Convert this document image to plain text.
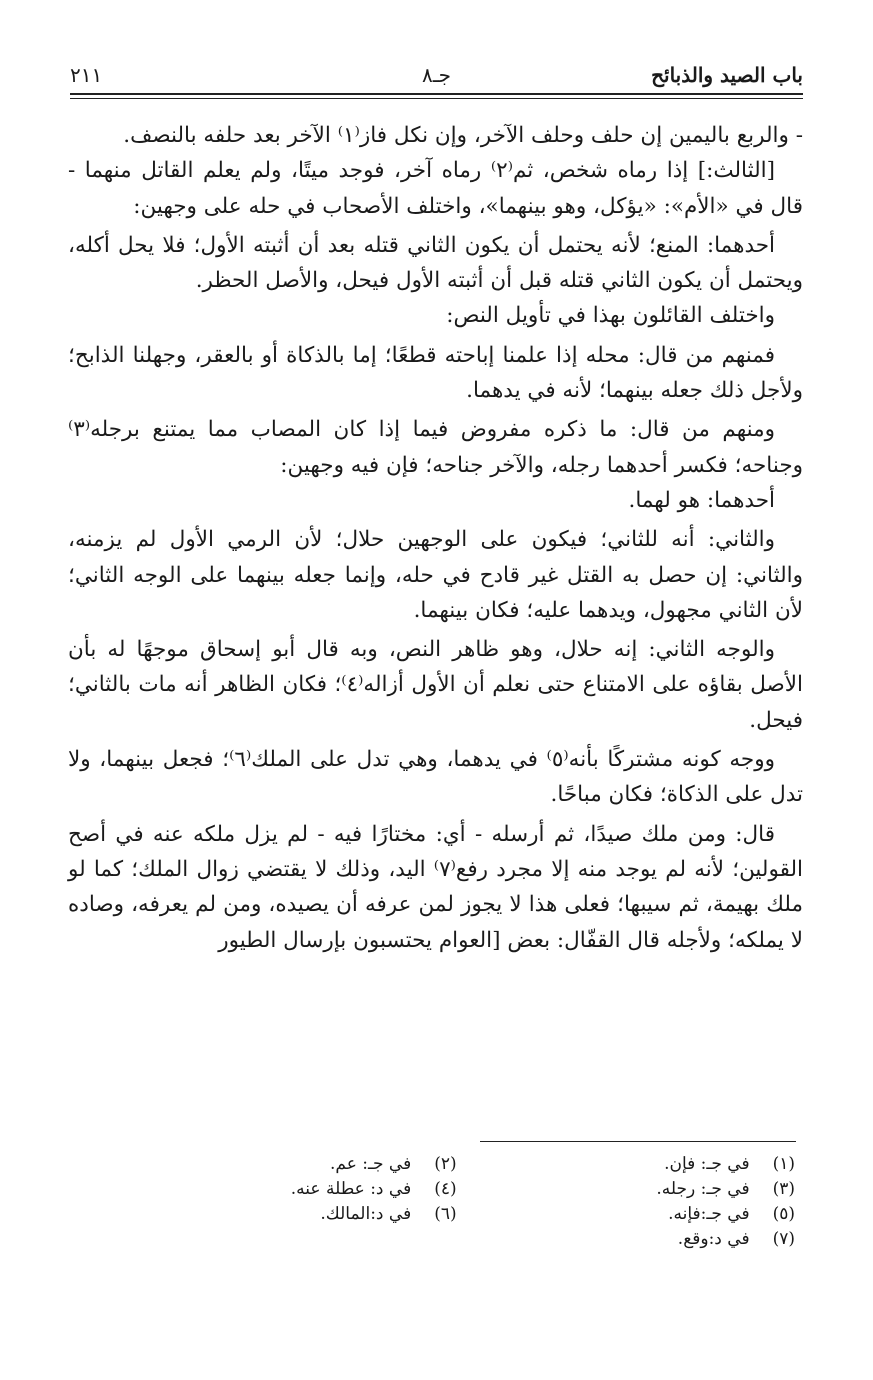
باب الصيد والذبائح
جـ٨
٢١١

- والربع باليمين إن حلف وحلف الآخر، وإن نكل فاز⁽١⁾ الآخر بعد حلفه بالنصف.

[الثالث:] إذا رماه شخص، ثم⁽٢⁾ رماه آخر، فوجد ميتًا، ولم يعلم القاتل منهما - قال في «الأم»: «يؤكل، وهو بينهما»، واختلف الأصحاب في حله على وجهين:

أحدهما: المنع؛ لأنه يحتمل أن يكون الثاني قتله بعد أن أثبته الأول؛ فلا يحل أكله، ويحتمل أن يكون الثاني قتله قبل أن أثبته الأول فيحل، والأصل الحظر.

واختلف القائلون بهذا في تأويل النص:

فمنهم من قال: محله إذا علمنا إباحته قطعًا؛ إما بالذكاة أو بالعقر، وجهلنا الذابح؛ ولأجل ذلك جعله بينهما؛ لأنه في يدهما.

ومنهم من قال: ما ذكره مفروض فيما إذا كان المصاب مما يمتنع برجله⁽٣⁾ وجناحه؛ فكسر أحدهما رجله، والآخر جناحه؛ فإن فيه وجهين:

أحدهما: هو لهما.

والثاني: أنه للثاني؛ فيكون على الوجهين حلال؛ لأن الرمي الأول لم يزمنه، والثاني: إن حصل به القتل غير قادح في حله، وإنما جعله بينهما على الوجه الثاني؛ لأن الثاني مجهول، ويدهما عليه؛ فكان بينهما.

والوجه الثاني: إنه حلال، وهو ظاهر النص، وبه قال أبو إسحاق موجهًا له بأن الأصل بقاؤه على الامتناع حتى نعلم أن الأول أزاله⁽٤⁾؛ فكان الظاهر أنه مات بالثاني؛ فيحل.

ووجه كونه مشتركًا بأنه⁽٥⁾ في يدهما، وهي تدل على الملك⁽٦⁾؛ فجعل بينهما، ولا تدل على الذكاة؛ فكان مباحًا.

قال: ومن ملك صيدًا، ثم أرسله - أي: مختارًا فيه - لم يزل ملكه عنه في أصح القولين؛ لأنه لم يوجد منه إلا مجرد رفع⁽٧⁾ اليد، وذلك لا يقتضي زوال الملك؛ كما لو ملك بهيمة، ثم سيبها؛ فعلى هذا لا يجوز لمن عرفه أن يصيده، ومن لم يعرفه، وصاده لا يملكه؛ ولأجله قال القفّال: بعض [العوام يحتسبون بإرسال الطيور

(١) في جـ: فإن.
(٣) في جـ: رجله.
(٥) في جـ:فإنه.
(٧) في د:وقع.
(٢) في جـ: عم.
(٤) في د: عطلة عنه.
(٦) في د:المالك.
